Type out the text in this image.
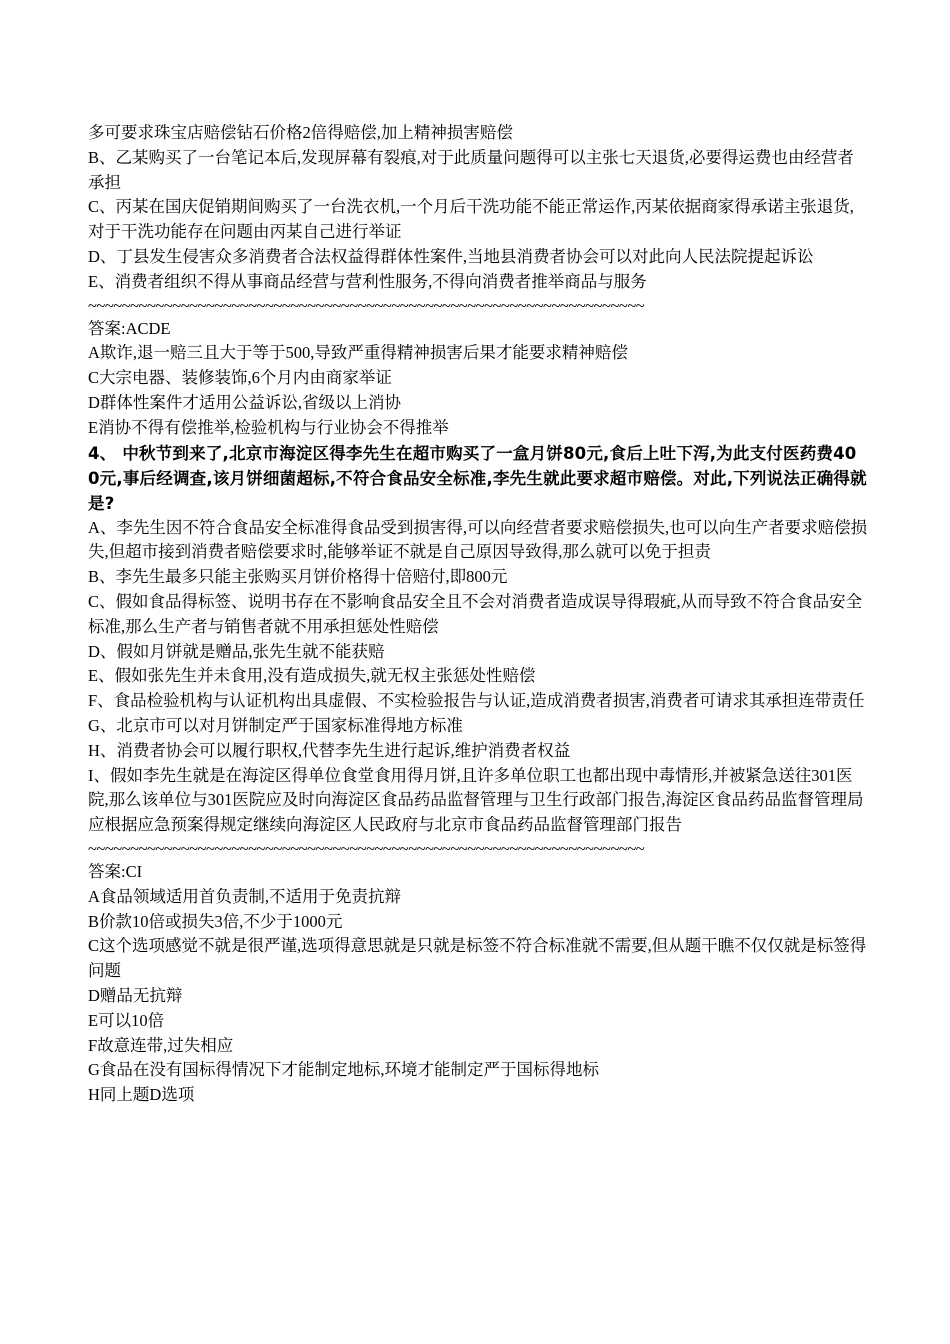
多可要求珠宝店赔偿钻石价格2倍得赔偿,加上精神损害赔偿

B、乙某购买了一台笔记本后,发现屏幕有裂痕,对于此质量问题得可以主张七天退货,必要得运费也由经营者承担

C、丙某在国庆促销期间购买了一台洗衣机,一个月后干洗功能不能正常运作,丙某依据商家得承诺主张退货,对于干洗功能存在问题由丙某自己进行举证

D、丁县发生侵害众多消费者合法权益得群体性案件,当地县消费者协会可以对此向人民法院提起诉讼

E、消费者组织不得从事商品经营与营利性服务,不得向消费者推举商品与服务

~~~~~~~~~~~~~~~~~~~~~~~~~~~~~~~~~~~~~~~~~~~~~~~~~~~~~~~~~~~~~~~~~~

答案:ACDE

A欺诈,退一赔三且大于等于500,导致严重得精神损害后果才能要求精神赔偿

C大宗电器、装修装饰,6个月内由商家举证

D群体性案件才适用公益诉讼,省级以上消协

E消协不得有偿推举,检验机构与行业协会不得推举

4、 中秋节到来了,北京市海淀区得李先生在超市购买了一盒月饼80元,食后上吐下泻,为此支付医药费400元,事后经调查,该月饼细菌超标,不符合食品安全标准,李先生就此要求超市赔偿。对此,下列说法正确得就是?

A、李先生因不符合食品安全标准得食品受到损害得,可以向经营者要求赔偿损失,也可以向生产者要求赔偿损失,但超市接到消费者赔偿要求时,能够举证不就是自己原因导致得,那么就可以免于担责

B、李先生最多只能主张购买月饼价格得十倍赔付,即800元

C、假如食品得标签、说明书存在不影响食品安全且不会对消费者造成误导得瑕疵,从而导致不符合食品安全标准,那么生产者与销售者就不用承担惩处性赔偿

D、假如月饼就是赠品,张先生就不能获赔

E、假如张先生并未食用,没有造成损失,就无权主张惩处性赔偿

F、食品检验机构与认证机构出具虚假、不实检验报告与认证,造成消费者损害,消费者可请求其承担连带责任

G、北京市可以对月饼制定严于国家标准得地方标准

H、消费者协会可以履行职权,代替李先生进行起诉,维护消费者权益

I、假如李先生就是在海淀区得单位食堂食用得月饼,且许多单位职工也都出现中毒情形,并被紧急送往301医院,那么该单位与301医院应及时向海淀区食品药品监督管理与卫生行政部门报告,海淀区食品药品监督管理局应根据应急预案得规定继续向海淀区人民政府与北京市食品药品监督管理部门报告

~~~~~~~~~~~~~~~~~~~~~~~~~~~~~~~~~~~~~~~~~~~~~~~~~~~~~~~~~~~~~~~~~~

答案:CI

A食品领域适用首负责制,不适用于免责抗辩

B价款10倍或损失3倍,不少于1000元

C这个选项感觉不就是很严谨,选项得意思就是只就是标签不符合标准就不需要,但从题干瞧不仅仅就是标签得问题

D赠品无抗辩

E可以10倍

F故意连带,过失相应

G食品在没有国标得情况下才能制定地标,环境才能制定严于国标得地标

H同上题D选项
